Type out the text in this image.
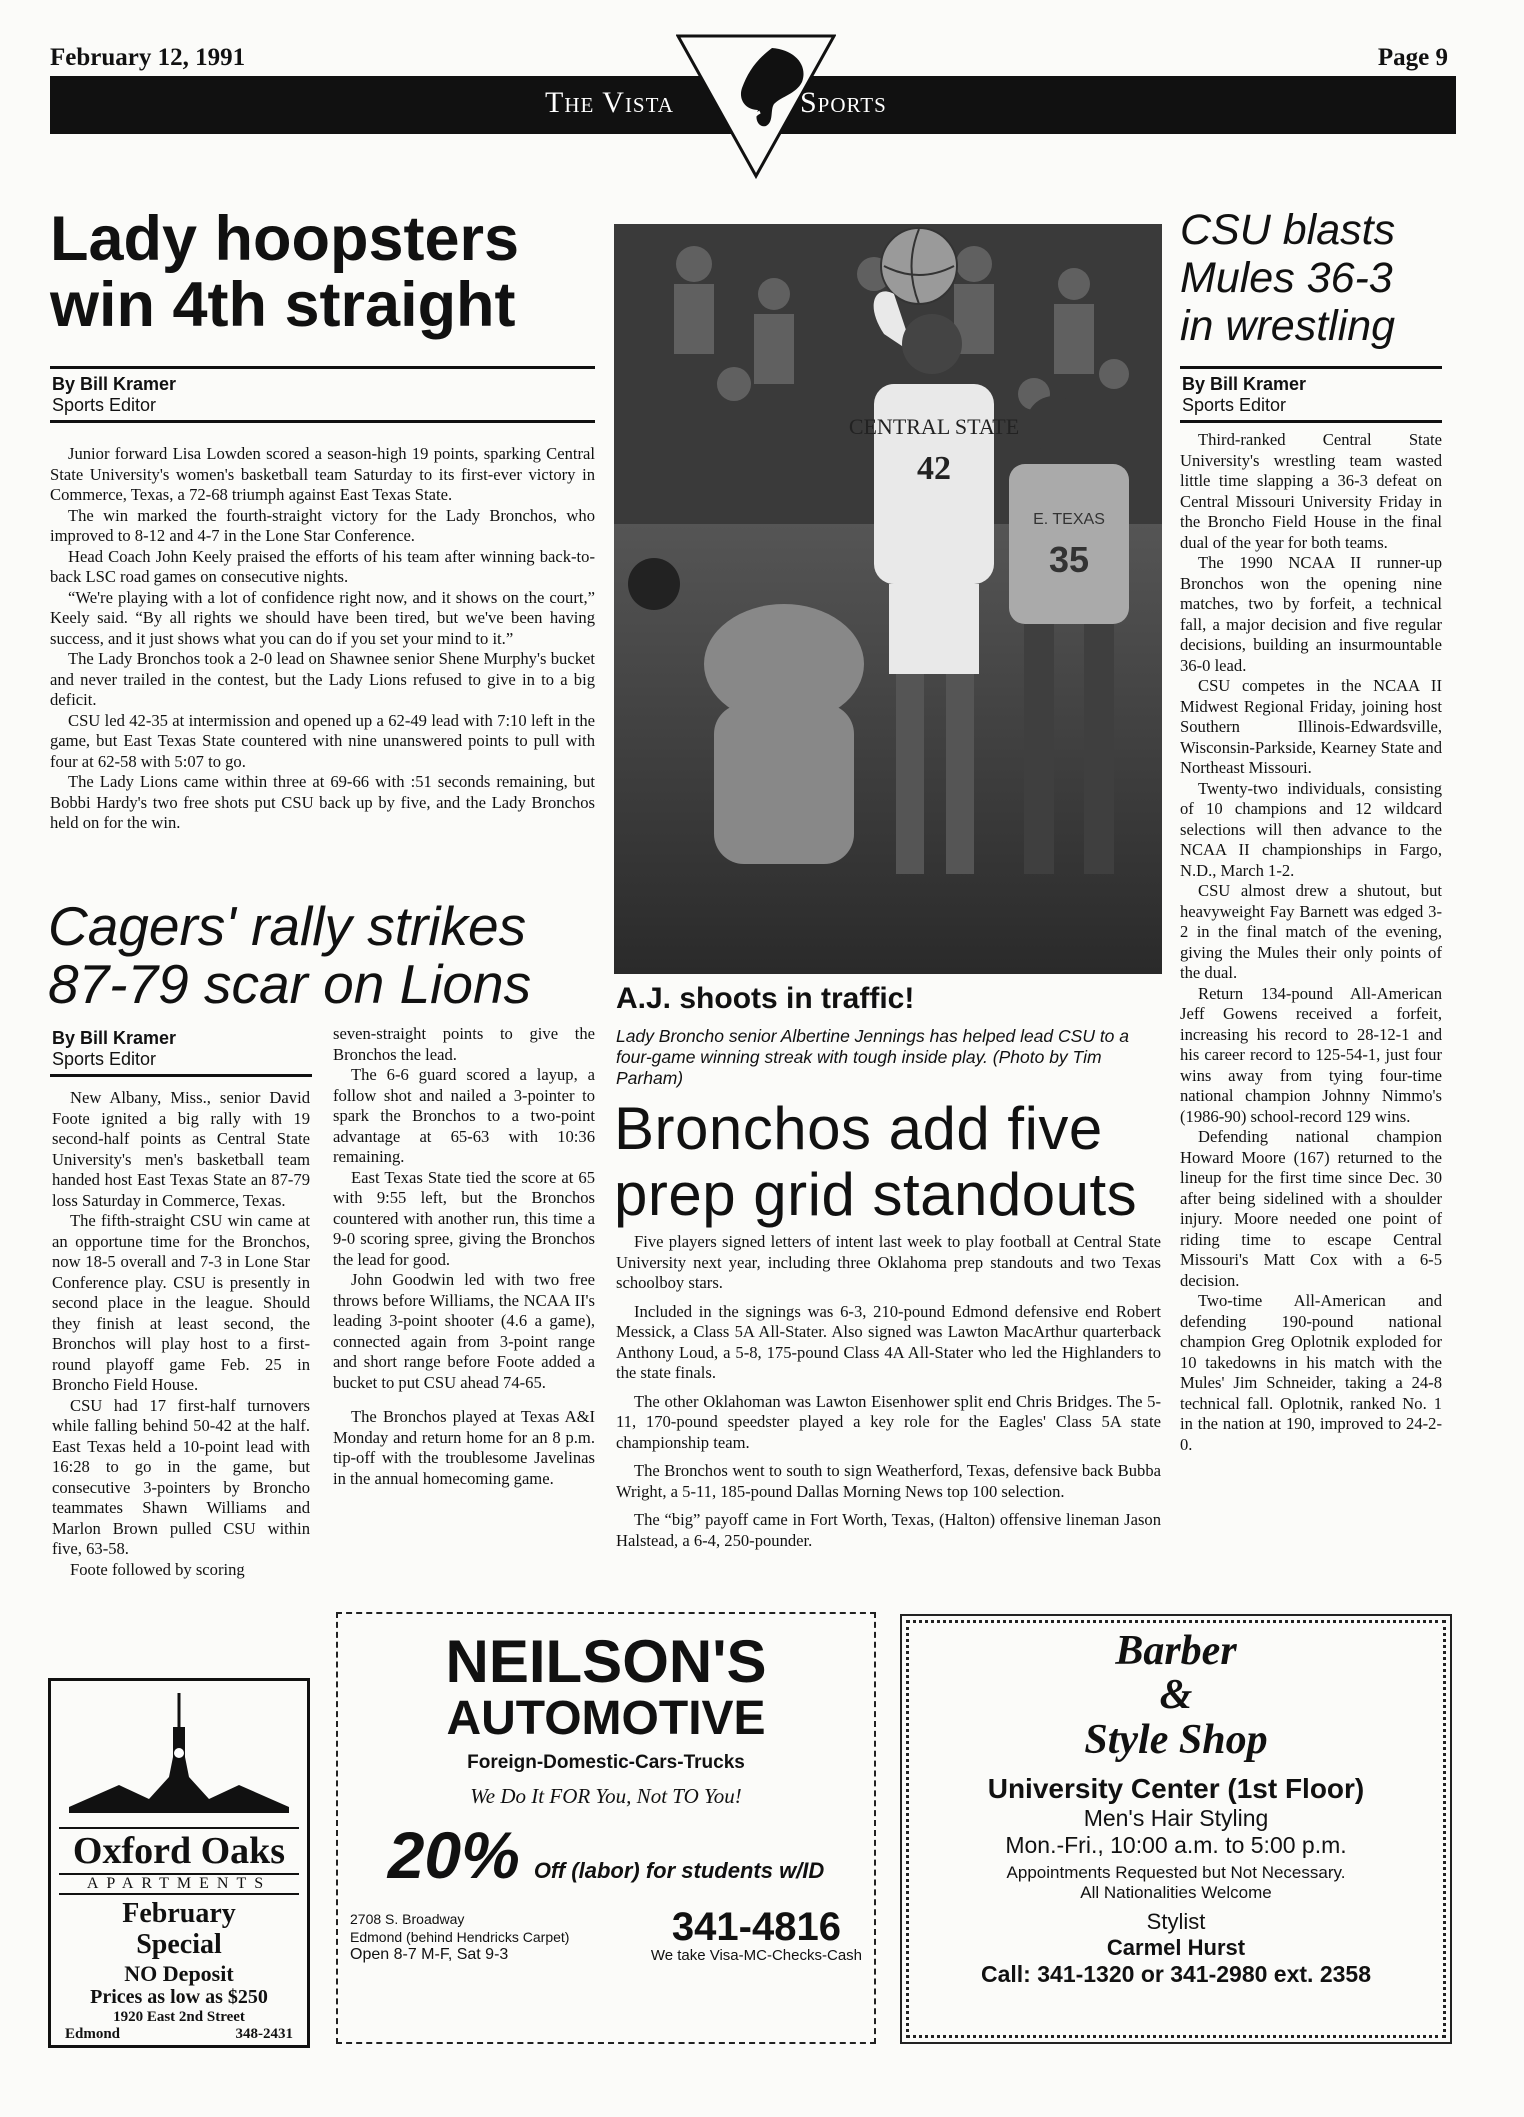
February 12, 1991	Page 9
The Vista	Sports
Lady hoopsters
win 4th straight
By Bill Kramer
Sports Editor

Junior forward Lisa Lowden scored a season-high 19 points, sparking Central State University's women's basketball team Saturday to its first-ever victory in Commerce, Texas, a 72-68 triumph against East Texas State.

The win marked the fourth-straight victory for the Lady Bronchos, who improved to 8-12 and 4-7 in the Lone Star Conference.

Head Coach John Keely praised the efforts of his team after winning back-to-back LSC road games on consecutive nights.

“We're playing with a lot of confidence right now, and it shows on the court,” Keely said. “By all rights we should have been tired, but we've been having success, and it just shows what you can do if you set your mind to it.”

The Lady Bronchos took a 2-0 lead on Shawnee senior Shene Murphy's bucket and never trailed in the contest, but the Lady Lions refused to give in to a big deficit.

CSU led 42-35 at intermission and opened up a 62-49 lead with 7:10 left in the game, but East Texas State countered with nine unanswered points to pull with four at 62-58 with 5:07 to go.

The Lady Lions came within three at 69-66 with :51 seconds remaining, but Bobbi Hardy's two free shots put CSU back up by five, and the Lady Bronchos held on for the win.

Cagers' rally strikes
87-79 scar on Lions
By Bill Kramer
Sports Editor

New Albany, Miss., senior David Foote ignited a big rally with 19 second-half points as Central State University's men's basketball team handed host East Texas State an 87-79 loss Saturday in Commerce, Texas.

The fifth-straight CSU win came at an opportune time for the Bronchos, now 18-5 overall and 7-3 in Lone Star Conference play. CSU is presently in second place in the league. Should they finish at least second, the Bronchos will play host to a first-round playoff game Feb. 25 in Broncho Field House.

CSU had 17 first-half turnovers while falling behind 50-42 at the half. East Texas held a 10-point lead with 16:28 to go in the game, but consecutive 3-pointers by Broncho teammates Shawn Williams and Marlon Brown pulled CSU within five, 63-58.

Foote followed by scoring

seven-straight points to give the Bronchos the lead.

The 6-6 guard scored a layup, a follow shot and nailed a 3-pointer to spark the Bronchos to a two-point advantage at 65-63 with 10:36 remaining.

East Texas State tied the score at 65 with 9:55 left, but the Bronchos countered with another run, this time a 9-0 scoring spree, giving the Bronchos the lead for good.

John Goodwin led with two free throws before Williams, the NCAA II's leading 3-point shooter (4.6 a game), connected again from 3-point range and short range before Foote added a bucket to put CSU ahead 74-65.

The Bronchos played at Texas A&I Monday and return home for an 8 p.m. tip-off with the troublesome Javelinas in the annual homecoming game.

42
CENTRAL STATE
E. TEXAS
35
A.J. shoots in traffic!
Lady Broncho senior Albertine Jennings has helped lead CSU to a four-game winning streak with tough inside play. (Photo by Tim Parham)
Bronchos add five
prep grid standouts

Five players signed letters of intent last week to play football at Central State University next year, including three Oklahoma prep standouts and two Texas schoolboy stars.

Included in the signings was 6-3, 210-pound Edmond defensive end Robert Messick, a Class 5A All-Stater. Also signed was Lawton MacArthur quarterback Anthony Loud, a 5-8, 175-pound Class 4A All-Stater who led the Highlanders to the state finals.

The other Oklahoman was Lawton Eisenhower split end Chris Bridges. The 5-11, 170-pound speedster played a key role for the Eagles' Class 5A state championship team.

The Bronchos went to south to sign Weatherford, Texas, defensive back Bubba Wright, a 5-11, 185-pound Dallas Morning News top 100 selection.

The “big” payoff came in Fort Worth, Texas, (Halton) offensive lineman Jason Halstead, a 6-4, 250-pounder.

CSU blasts
Mules 36-3
in wrestling
By Bill Kramer
Sports Editor

Third-ranked Central State University's wrestling team wasted little time slapping a 36-3 defeat on Central Missouri University Friday in the Broncho Field House in the final dual of the year for both teams.

The 1990 NCAA II runner-up Bronchos won the opening nine matches, two by forfeit, a technical fall, a major decision and five regular decisions, building an insurmountable 36-0 lead.

CSU competes in the NCAA II Midwest Regional Friday, joining host Southern Illinois-Edwardsville, Wisconsin-Parkside, Kearney State and Northeast Missouri.

Twenty-two individuals, consisting of 10 champions and 12 wildcard selections will then advance to the NCAA II championships in Fargo, N.D., March 1-2.

CSU almost drew a shutout, but heavyweight Fay Barnett was edged 3-2 in the final match of the evening, giving the Mules their only points of the dual.

Return 134-pound All-American Jeff Gowens received a forfeit, increasing his record to 28-12-1 and his career record to 125-54-1, just four wins away from tying four-time national champion Johnny Nimmo's (1986-90) school-record 129 wins.

Defending national champion Howard Moore (167) returned to the lineup for the first time since Dec. 30 after being sidelined with a shoulder injury. Moore needed one point of riding time to escape Central Missouri's Matt Cox with a 6-5 decision.

Two-time All-American and defending 190-pound national champion Greg Oplotnik exploded for 10 takedowns in his match with the Mules' Jim Schneider, taking a 24-8 technical fall. Oplotnik, ranked No. 1 in the nation at 190, improved to 24-2-0.

Oxford Oaks
APARTMENTS
February
Special
NO Deposit
Prices as low as $250
1920 East 2nd Street
Edmond	348-2431
NEILSON'S
AUTOMOTIVE
Foreign-Domestic-Cars-Trucks
We Do It FOR You, Not TO You!
20% Off (labor) for students w/ID
2708 S. Broadway
Edmond (behind Hendricks Carpet)
Open 8-7 M-F, Sat 9-3
341-4816
We take Visa-MC-Checks-Cash
Barber
&
Style Shop
University Center (1st Floor)
Men's Hair Styling
Mon.-Fri., 10:00 a.m. to 5:00 p.m.
Appointments Requested but Not Necessary.
All Nationalities Welcome
Stylist
Carmel Hurst
Call: 341-1320 or 341-2980 ext. 2358
